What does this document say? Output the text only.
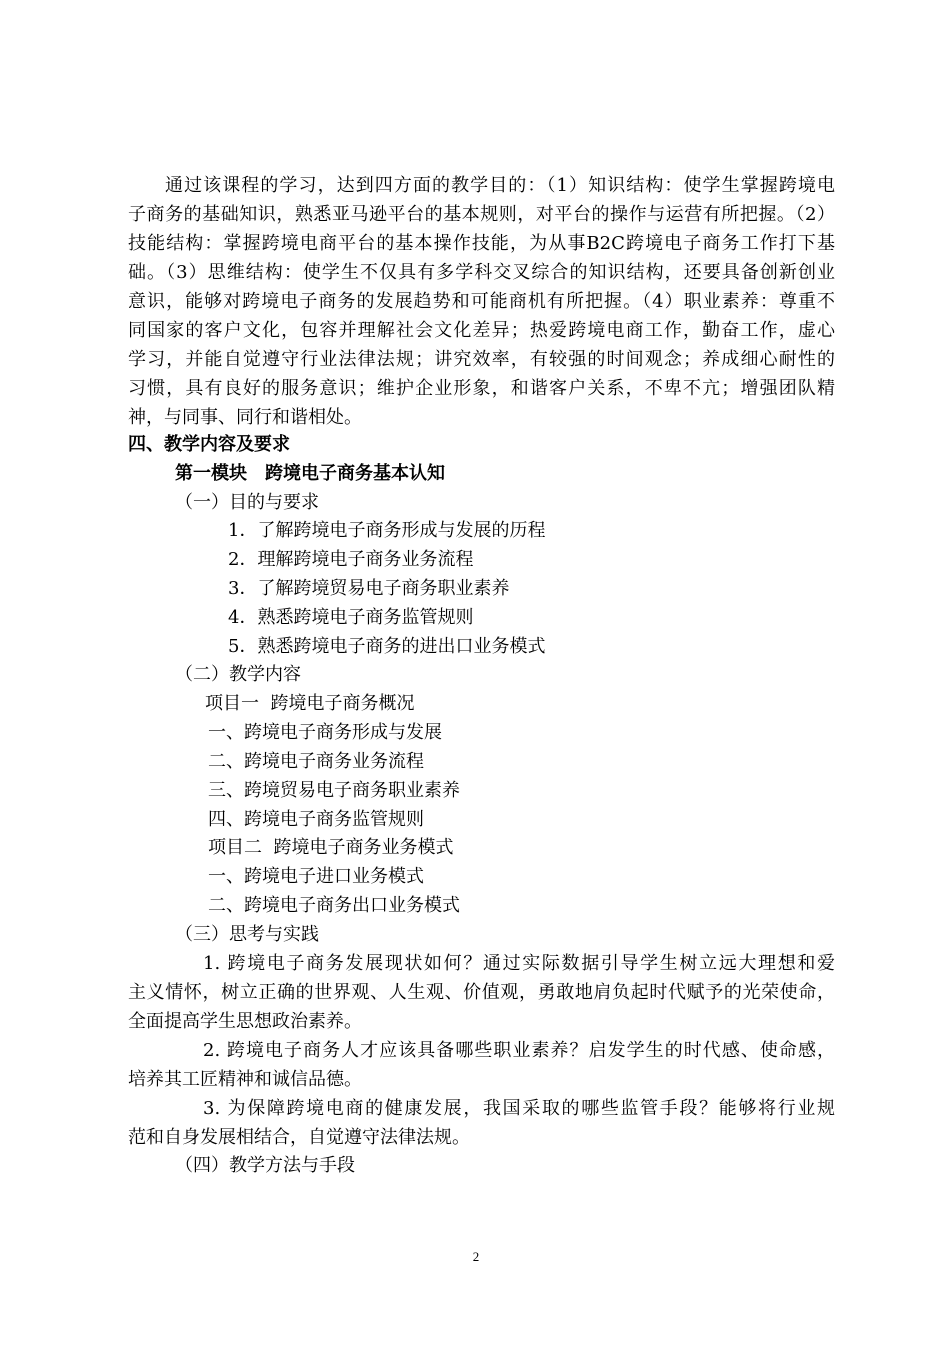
通过该课程的学习，达到四方面的教学目的：（1）知识结构：使学生掌握跨境电
子商务的基础知识，熟悉亚马逊平台的基本规则，对平台的操作与运营有所把握。（2）
技能结构：掌握跨境电商平台的基本操作技能，为从事B2C跨境电子商务工作打下基
础。（3）思维结构：使学生不仅具有多学科交叉综合的知识结构，还要具备创新创业
意识，能够对跨境电子商务的发展趋势和可能商机有所把握。（4）职业素养：尊重不
同国家的客户文化，包容并理解社会文化差异；热爱跨境电商工作，勤奋工作，虚心
学习，并能自觉遵守行业法律法规；讲究效率，有较强的时间观念；养成细心耐性的
习惯，具有良好的服务意识；维护企业形象，和谐客户关系，不卑不亢；增强团队精
神，与同事、同行和谐相处。
四、教学内容及要求
第一模块　跨境电子商务基本认知
（一）目的与要求
1．了解跨境电子商务形成与发展的历程
2．理解跨境电子商务业务流程
3．了解跨境贸易电子商务职业素养
4．熟悉跨境电子商务监管规则
5．熟悉跨境电子商务的进出口业务模式
（二）教学内容
项目一  跨境电子商务概况
一、跨境电子商务形成与发展
二、跨境电子商务业务流程
三、跨境贸易电子商务职业素养
四、跨境电子商务监管规则
项目二  跨境电子商务业务模式
一、跨境电子进口业务模式
二、跨境电子商务出口业务模式
（三）思考与实践
1. 跨境电子商务发展现状如何？通过实际数据引导学生树立远大理想和爱
主义情怀，树立正确的世界观、人生观、价值观，勇敢地肩负起时代赋予的光荣使命，
全面提高学生思想政治素养。
2. 跨境电子商务人才应该具备哪些职业素养？启发学生的时代感、使命感，
培养其工匠精神和诚信品德。
3. 为保障跨境电商的健康发展，我国采取的哪些监管手段？能够将行业规
范和自身发展相结合，自觉遵守法律法规。
（四）教学方法与手段
2
